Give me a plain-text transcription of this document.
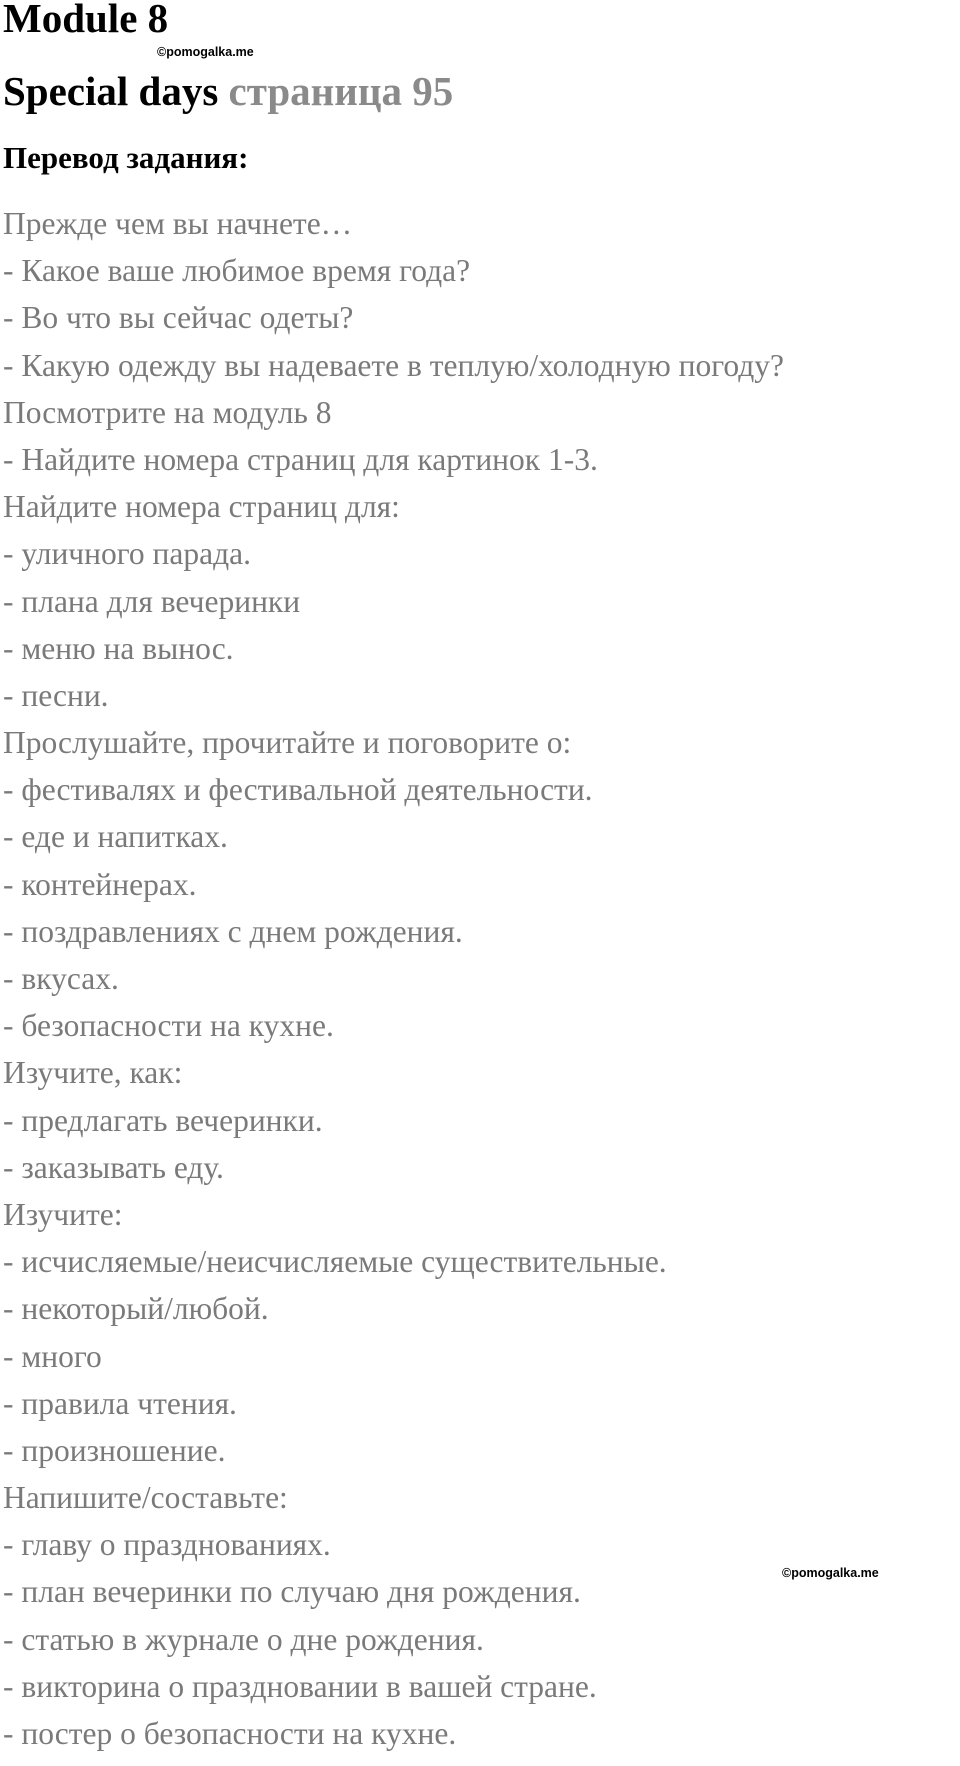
Module 8
©pomogalka.me
Special days страница 95
Перевод задания:
Прежде чем вы начнете…
- Какое ваше любимое время года?
- Во что вы сейчас одеты?
- Какую одежду вы надеваете в теплую/холодную погоду?
Посмотрите на модуль 8
- Найдите номера страниц для картинок 1-3.
Найдите номера страниц для:
- уличного парада.
- плана для вечеринки
- меню на вынос.
- песни.
Прослушайте, прочитайте и поговорите о:
- фестивалях и фестивальной деятельности.
- еде и напитках.
- контейнерах.
- поздравлениях с днем рождения.
- вкусах.
- безопасности на кухне.
Изучите, как:
- предлагать вечеринки.
- заказывать еду.
Изучите:
- исчисляемые/неисчисляемые существительные.
- некоторый/любой.
- много
- правила чтения.
- произношение.
Напишите/составьте:
- главу о празднованиях.
- план вечеринки по случаю дня рождения.
- статью в журнале о дне рождения.
- викторина о праздновании в вашей стране.
- постер о безопасности на кухне.
©pomogalka.me
